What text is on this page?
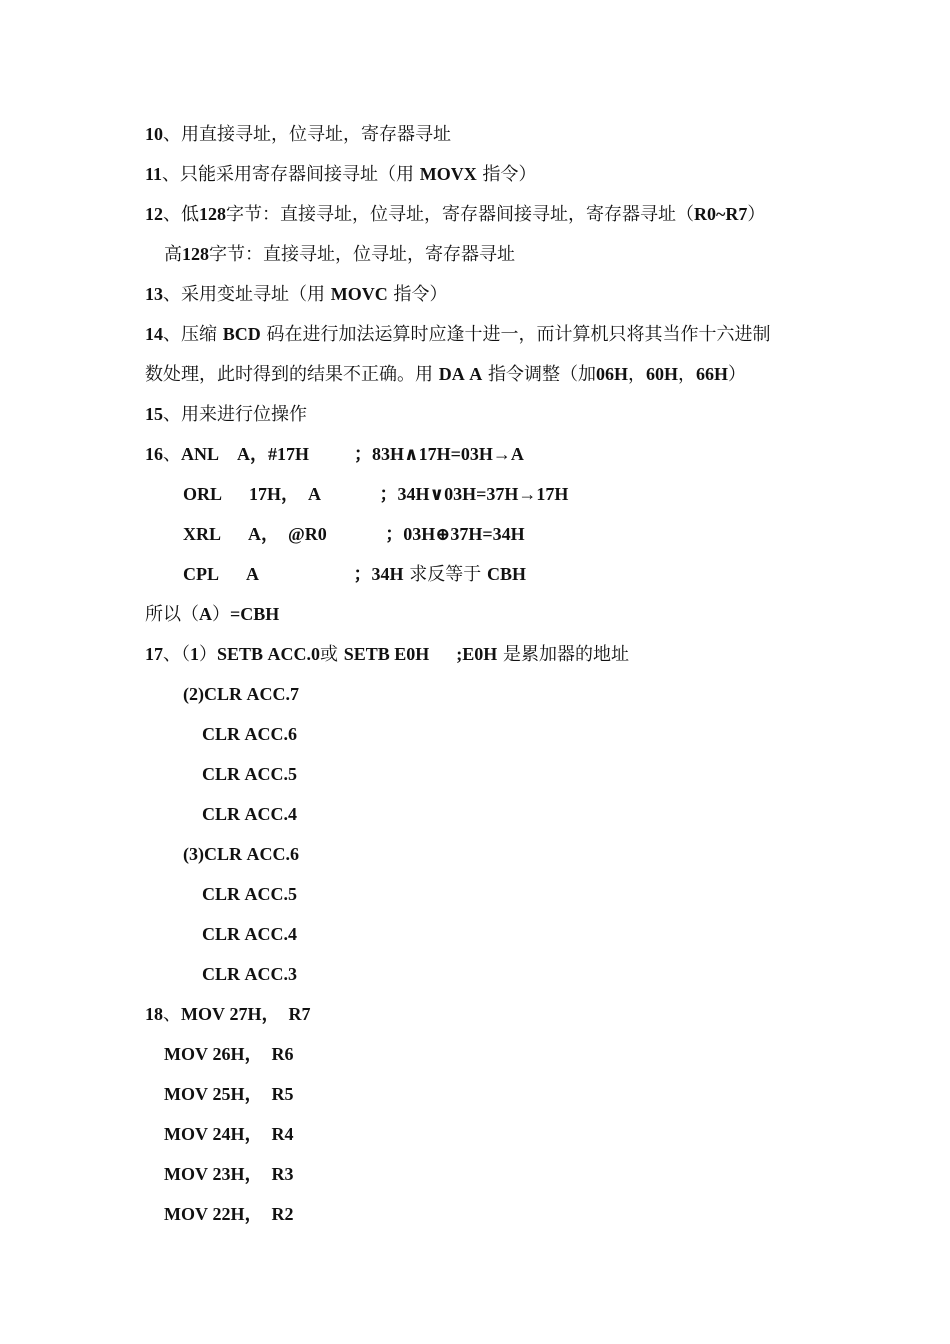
10、用直接寻址，位寻址，寄存器寻址
11、只能采用寄存器间接寻址（用 MOVX 指令）
12、低128字节：直接寻址，位寻址，寄存器间接寻址，寄存器寻址（R0~R7）
高128字节：直接寻址，位寻址，寄存器寻址
13、采用变址寻址（用 MOVC 指令）
14、压缩 BCD 码在进行加法运算时应逢十进一，而计算机只将其当作十六进制
数处理，此时得到的结果不正确。用 DA A 指令调整（加06H，60H，66H）
15、用来进行位操作
16、ANL    A，#17H          ；83H∧17H=03H→A
ORL      17H，  A             ；34H∨03H=37H→17H
XRL      A，  @R0             ；03H⊕37H=34H
CPL      A                     ；34H 求反等于 CBH
所以（A）=CBH
17、（1）SETB ACC.0或 SETB E0H      ;E0H 是累加器的地址
(2)CLR ACC.7
CLR ACC.6
CLR ACC.5
CLR ACC.4
(3)CLR ACC.6
CLR ACC.5
CLR ACC.4
CLR ACC.3
18、MOV 27H，  R7
MOV 26H，  R6
MOV 25H，  R5
MOV 24H，  R4
MOV 23H，  R3
MOV 22H，  R2
